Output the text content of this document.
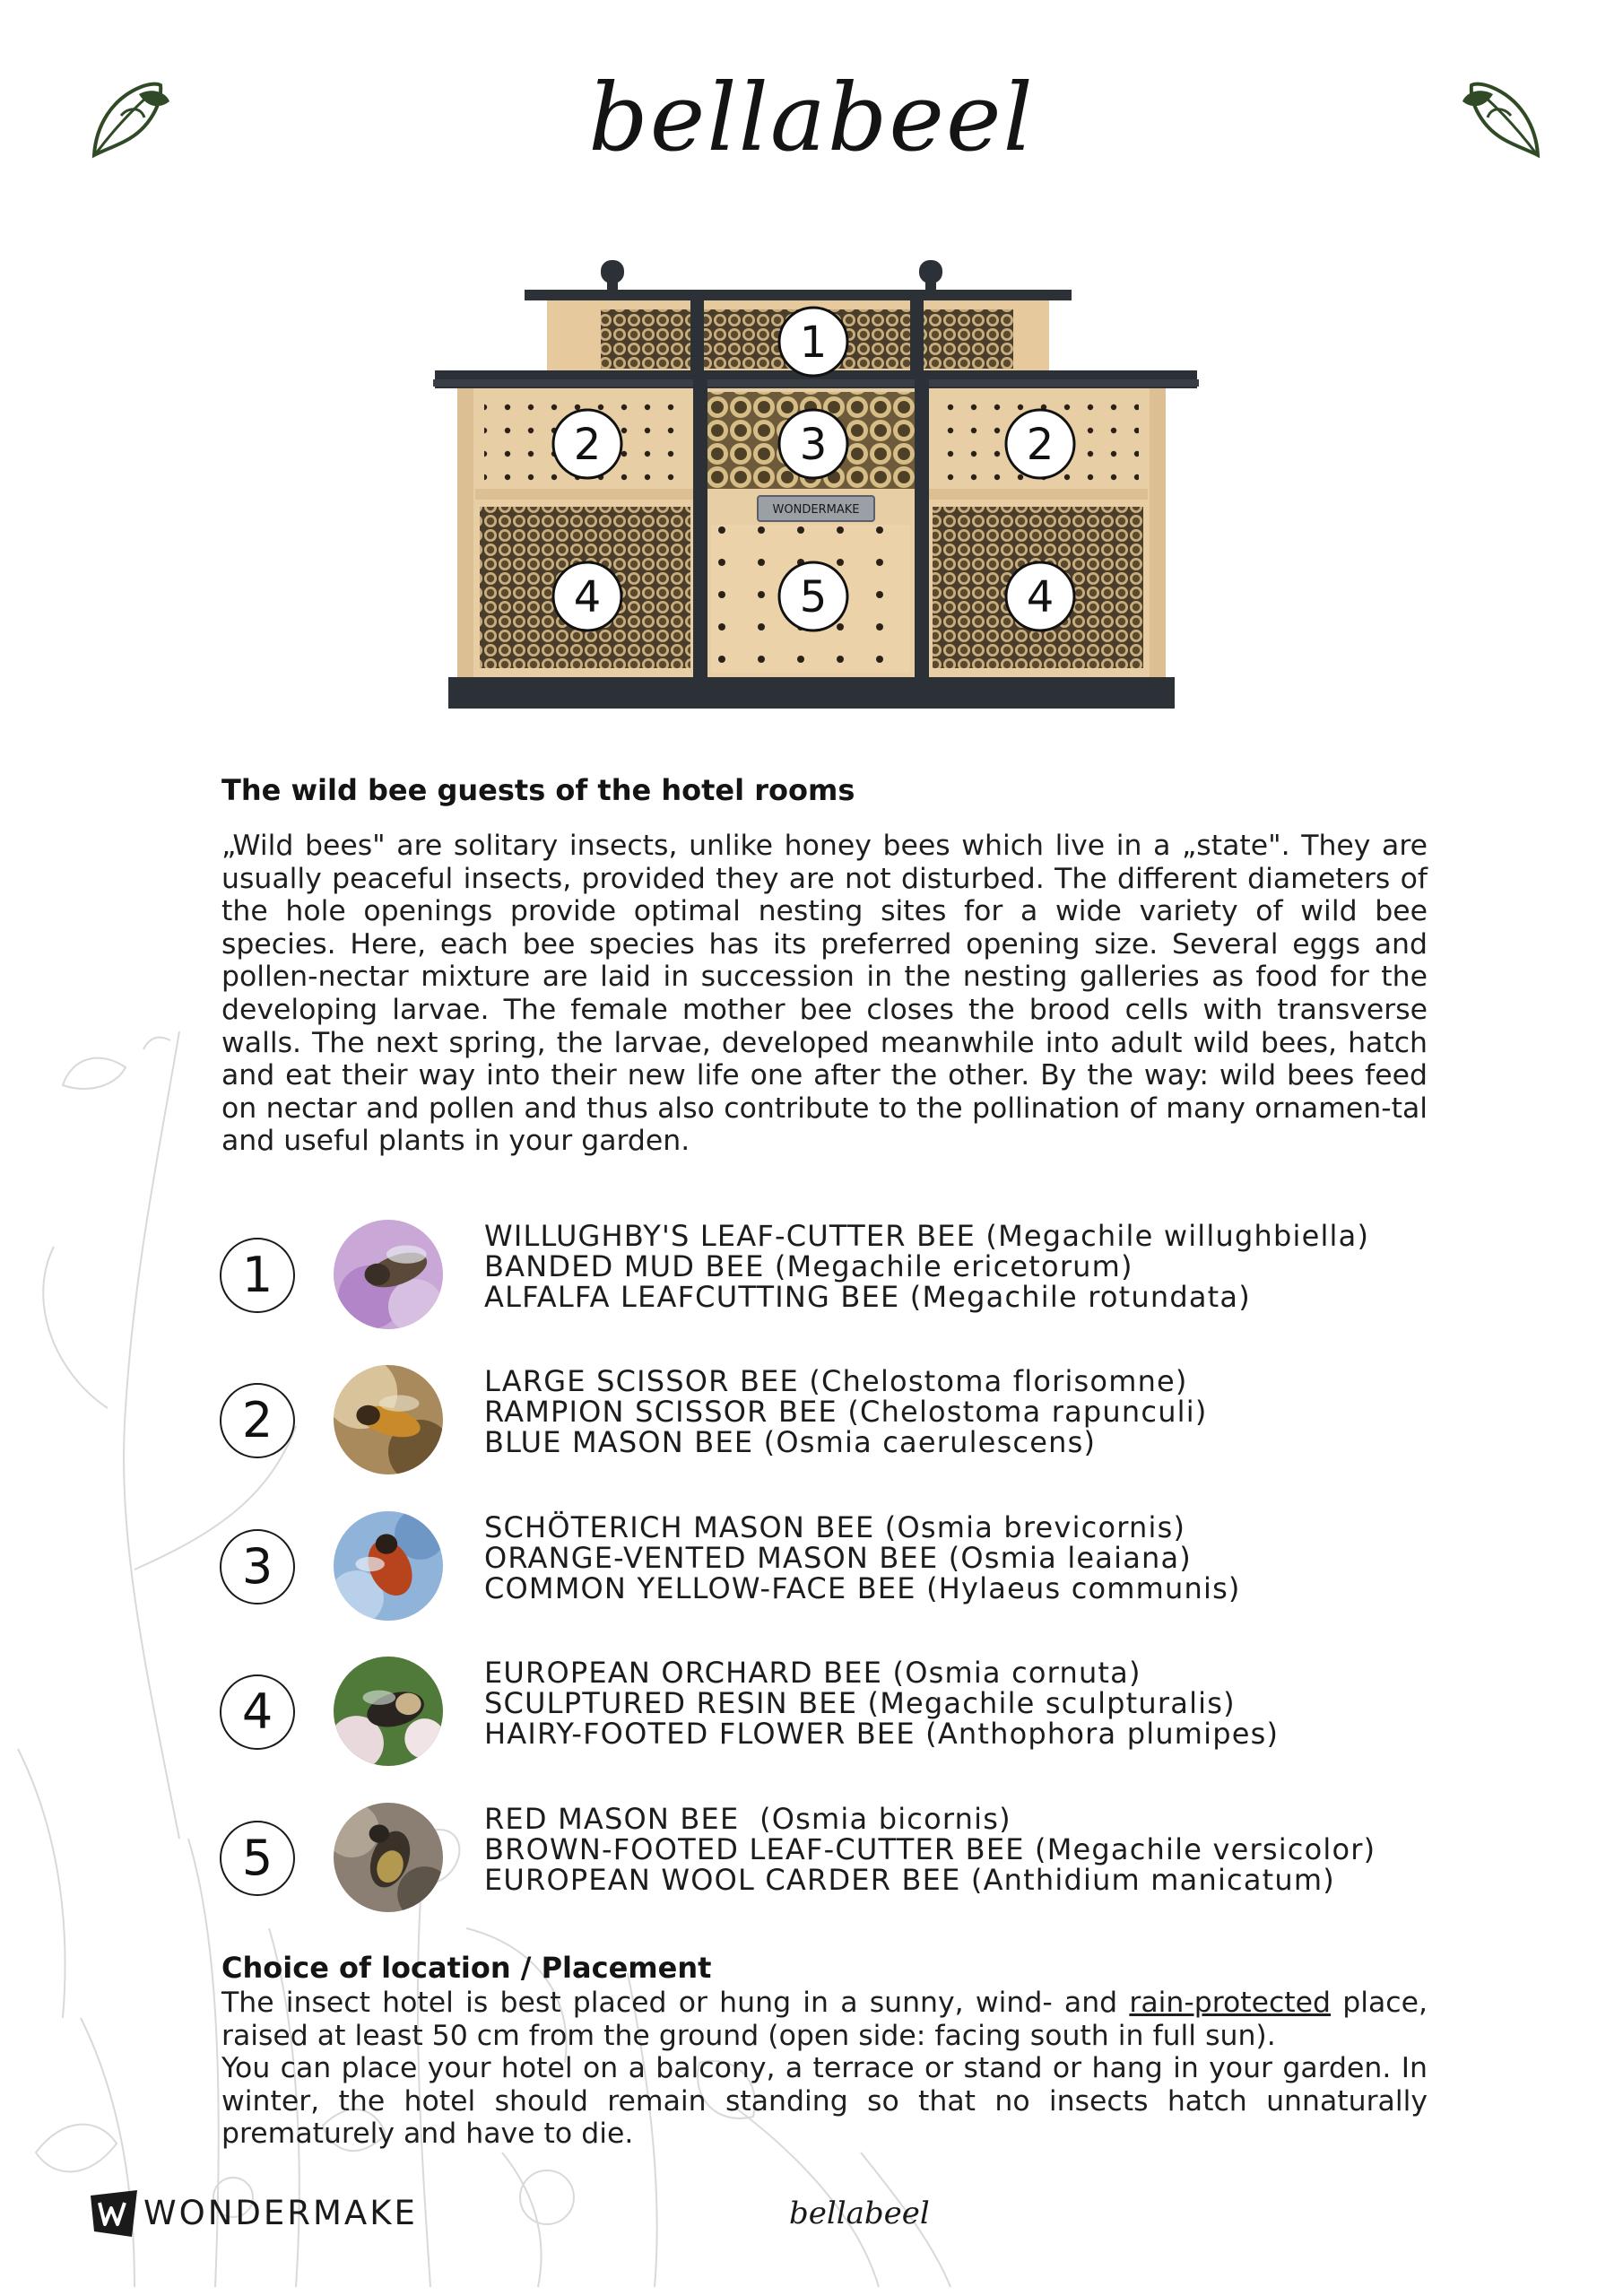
bellabeel
WONDERMAKE
1
2	3	2
4	5	4
The wild bee guests of the hotel rooms
„Wild bees" are solitary insects, unlike honey bees which live in a „state". They are usually peaceful insects, provided they are not disturbed. The different diameters of the hole openings provide optimal nesting sites for a wide variety of wild bee species. Here, each bee species has its preferred opening size. Several eggs and pollen-nectar mixture are laid in succession in the nesting galleries as food for the developing larvae. The female mother bee closes the brood cells with transverse walls. The next spring, the larvae, developed meanwhile into adult wild bees, hatch and eat their way into their new life one after the other. By the way: wild bees feed on nectar and pollen and thus also contribute to the pollination of many ornamen-tal and useful plants in your garden.
1
WILLUGHBY'S LEAF-CUTTER BEE (Megachile willughbiella)
BANDED MUD BEE (Megachile ericetorum)
ALFALFA LEAFCUTTING BEE (Megachile rotundata)
2
LARGE SCISSOR BEE (Chelostoma florisomne)
RAMPION SCISSOR BEE (Chelostoma rapunculi)
BLUE MASON BEE (Osmia caerulescens)
3
SCHÖTERICH MASON BEE (Osmia brevicornis)
ORANGE-VENTED MASON BEE (Osmia leaiana)
COMMON YELLOW-FACE BEE (Hylaeus communis)
4
EUROPEAN ORCHARD BEE (Osmia cornuta)
SCULPTURED RESIN BEE (Megachile sculpturalis)
HAIRY-FOOTED FLOWER BEE (Anthophora plumipes)
5
RED MASON BEE  (Osmia bicornis)
BROWN-FOOTED LEAF-CUTTER BEE (Megachile versicolor)
EUROPEAN WOOL CARDER BEE (Anthidium manicatum)
Choice of location / Placement
The insect hotel is best placed or hung in a sunny, wind- and rain-protected place, raised at least 50 cm from the ground (open side: facing south in full sun).
You can place your hotel on a balcony, a terrace or stand or hang in your garden. In winter, the hotel should remain standing so that no insects hatch unnaturally prematurely and have to die.
WONDERMAKE	bellabeel
